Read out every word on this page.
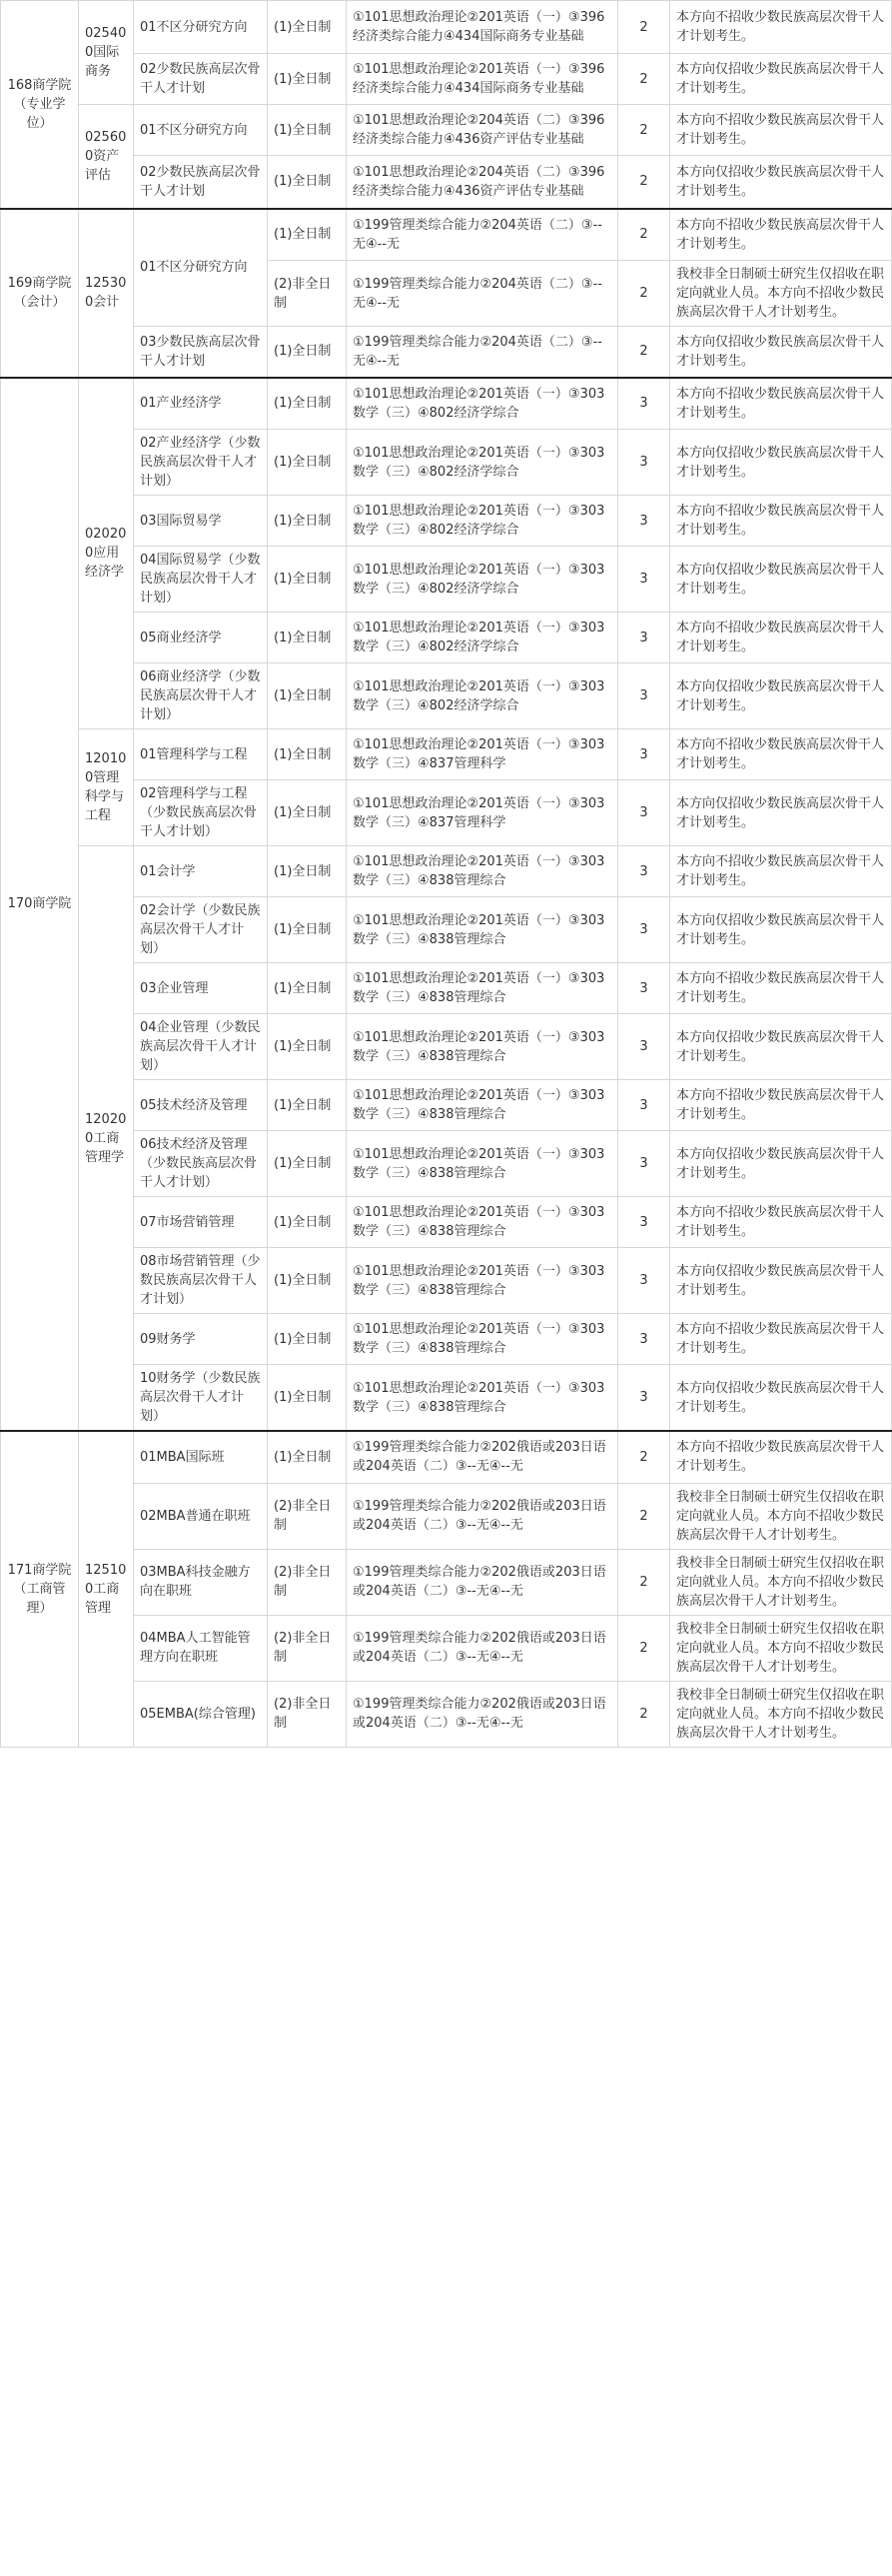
168商学院（专业学位）	025400国际商务	01不区分研究方向	(1)全日制	①101思想政治理论②201英语（一）③396经济类综合能力④434国际商务专业基础	2	本方向不招收少数民族高层次骨干人才计划考生。
		02少数民族高层次骨干人才计划	(1)全日制	①101思想政治理论②201英语（一）③396经济类综合能力④434国际商务专业基础	2	本方向仅招收少数民族高层次骨干人才计划考生。
	025600资产评估	01不区分研究方向	(1)全日制	①101思想政治理论②204英语（二）③396经济类综合能力④436资产评估专业基础	2	本方向不招收少数民族高层次骨干人才计划考生。
		02少数民族高层次骨干人才计划	(1)全日制	①101思想政治理论②204英语（二）③396经济类综合能力④436资产评估专业基础	2	本方向仅招收少数民族高层次骨干人才计划考生。
169商学院（会计）	125300会计	01不区分研究方向	(1)全日制	①199管理类综合能力②204英语（二）③--无④--无	2	本方向不招收少数民族高层次骨干人才计划考生。
			(2)非全日制	①199管理类综合能力②204英语（二）③--无④--无	2	我校非全日制硕士研究生仅招收在职定向就业人员。本方向不招收少数民族高层次骨干人才计划考生。
		03少数民族高层次骨干人才计划	(1)全日制	①199管理类综合能力②204英语（二）③--无④--无	2	本方向仅招收少数民族高层次骨干人才计划考生。
170商学院	020200应用经济学	01产业经济学	(1)全日制	①101思想政治理论②201英语（一）③303数学（三）④802经济学综合	3	本方向不招收少数民族高层次骨干人才计划考生。
		02产业经济学（少数民族高层次骨干人才计划）	(1)全日制	①101思想政治理论②201英语（一）③303数学（三）④802经济学综合	3	本方向仅招收少数民族高层次骨干人才计划考生。
		03国际贸易学	(1)全日制	①101思想政治理论②201英语（一）③303数学（三）④802经济学综合	3	本方向不招收少数民族高层次骨干人才计划考生。
		04国际贸易学（少数民族高层次骨干人才计划）	(1)全日制	①101思想政治理论②201英语（一）③303数学（三）④802经济学综合	3	本方向仅招收少数民族高层次骨干人才计划考生。
		05商业经济学	(1)全日制	①101思想政治理论②201英语（一）③303数学（三）④802经济学综合	3	本方向不招收少数民族高层次骨干人才计划考生。
		06商业经济学（少数民族高层次骨干人才计划）	(1)全日制	①101思想政治理论②201英语（一）③303数学（三）④802经济学综合	3	本方向仅招收少数民族高层次骨干人才计划考生。
	120100管理科学与工程	01管理科学与工程	(1)全日制	①101思想政治理论②201英语（一）③303数学（三）④837管理科学	3	本方向不招收少数民族高层次骨干人才计划考生。
		02管理科学与工程（少数民族高层次骨干人才计划）	(1)全日制	①101思想政治理论②201英语（一）③303数学（三）④837管理科学	3	本方向仅招收少数民族高层次骨干人才计划考生。
	120200工商管理学	01会计学	(1)全日制	①101思想政治理论②201英语（一）③303数学（三）④838管理综合	3	本方向不招收少数民族高层次骨干人才计划考生。
		02会计学（少数民族高层次骨干人才计划）	(1)全日制	①101思想政治理论②201英语（一）③303数学（三）④838管理综合	3	本方向仅招收少数民族高层次骨干人才计划考生。
		03企业管理	(1)全日制	①101思想政治理论②201英语（一）③303数学（三）④838管理综合	3	本方向不招收少数民族高层次骨干人才计划考生。
		04企业管理（少数民族高层次骨干人才计划）	(1)全日制	①101思想政治理论②201英语（一）③303数学（三）④838管理综合	3	本方向仅招收少数民族高层次骨干人才计划考生。
		05技术经济及管理	(1)全日制	①101思想政治理论②201英语（一）③303数学（三）④838管理综合	3	本方向不招收少数民族高层次骨干人才计划考生。
		06技术经济及管理（少数民族高层次骨干人才计划）	(1)全日制	①101思想政治理论②201英语（一）③303数学（三）④838管理综合	3	本方向仅招收少数民族高层次骨干人才计划考生。
		07市场营销管理	(1)全日制	①101思想政治理论②201英语（一）③303数学（三）④838管理综合	3	本方向不招收少数民族高层次骨干人才计划考生。
		08市场营销管理（少数民族高层次骨干人才计划）	(1)全日制	①101思想政治理论②201英语（一）③303数学（三）④838管理综合	3	本方向仅招收少数民族高层次骨干人才计划考生。
		09财务学	(1)全日制	①101思想政治理论②201英语（一）③303数学（三）④838管理综合	3	本方向不招收少数民族高层次骨干人才计划考生。
		10财务学（少数民族高层次骨干人才计划）	(1)全日制	①101思想政治理论②201英语（一）③303数学（三）④838管理综合	3	本方向仅招收少数民族高层次骨干人才计划考生。
171商学院（工商管理）	125100工商管理	01MBA国际班	(1)全日制	①199管理类综合能力②202俄语或203日语或204英语（二）③--无④--无	2	本方向不招收少数民族高层次骨干人才计划考生。
		02MBA普通在职班	(2)非全日制	①199管理类综合能力②202俄语或203日语或204英语（二）③--无④--无	2	我校非全日制硕士研究生仅招收在职定向就业人员。本方向不招收少数民族高层次骨干人才计划考生。
		03MBA科技金融方向在职班	(2)非全日制	①199管理类综合能力②202俄语或203日语或204英语（二）③--无④--无	2	我校非全日制硕士研究生仅招收在职定向就业人员。本方向不招收少数民族高层次骨干人才计划考生。
		04MBA人工智能管理方向在职班	(2)非全日制	①199管理类综合能力②202俄语或203日语或204英语（二）③--无④--无	2	我校非全日制硕士研究生仅招收在职定向就业人员。本方向不招收少数民族高层次骨干人才计划考生。
		05EMBA(综合管理)	(2)非全日制	①199管理类综合能力②202俄语或203日语或204英语（二）③--无④--无	2	我校非全日制硕士研究生仅招收在职定向就业人员。本方向不招收少数民族高层次骨干人才计划考生。
